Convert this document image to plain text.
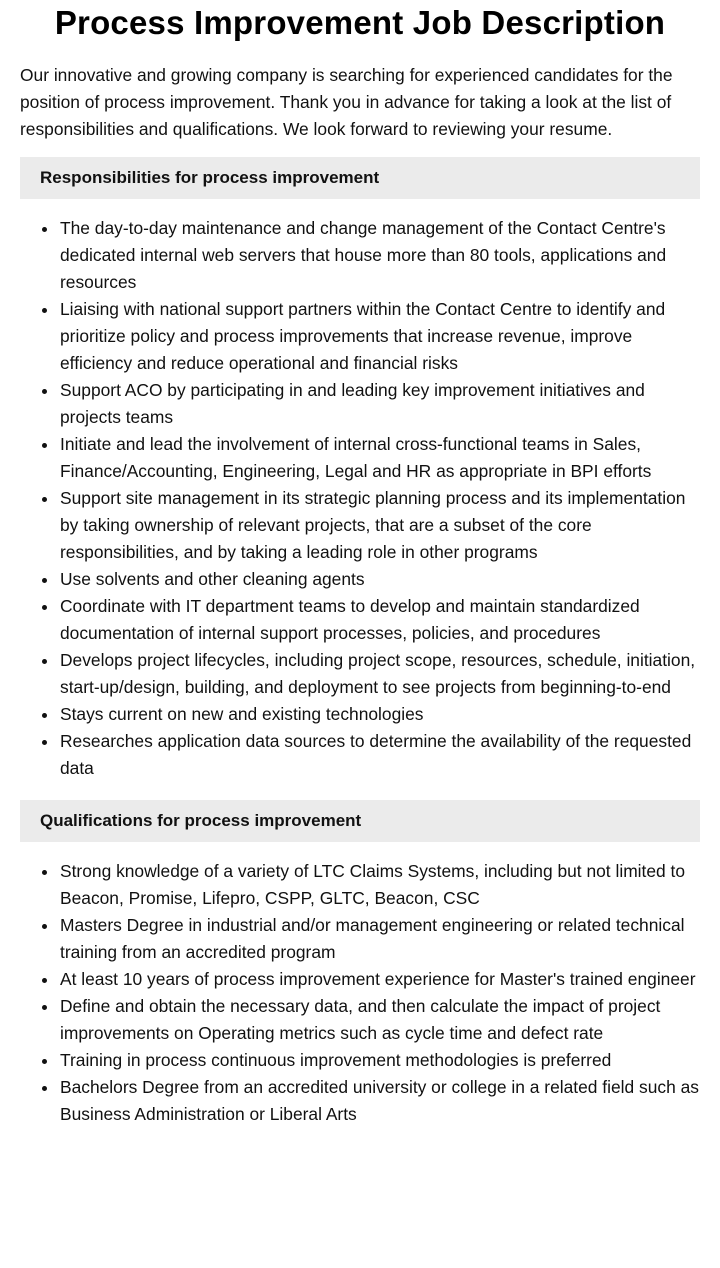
Process Improvement Job Description

Our innovative and growing company is searching for experienced candidates for the position of process improvement. Thank you in advance for taking a look at the list of responsibilities and qualifications. We look forward to reviewing your resume.

Responsibilities for process improvement
The day-to-day maintenance and change management of the Contact Centre's dedicated internal web servers that house more than 80 tools, applications and resources
Liaising with national support partners within the Contact Centre to identify and prioritize policy and process improvements that increase revenue, improve efficiency and reduce operational and financial risks
Support ACO by participating in and leading key improvement initiatives and projects teams
Initiate and lead the involvement of internal cross-functional teams in Sales, Finance/Accounting, Engineering, Legal and HR as appropriate in BPI efforts
Support site management in its strategic planning process and its implementation by taking ownership of relevant projects, that are a subset of the core responsibilities, and by taking a leading role in other programs
Use solvents and other cleaning agents
Coordinate with IT department teams to develop and maintain standardized documentation of internal support processes, policies, and procedures
Develops project lifecycles, including project scope, resources, schedule, initiation, start-up/design, building, and deployment to see projects from beginning-to-end
Stays current on new and existing technologies
Researches application data sources to determine the availability of the requested data
Qualifications for process improvement
Strong knowledge of a variety of LTC Claims Systems, including but not limited to Beacon, Promise, Lifepro, CSPP, GLTC, Beacon, CSC
Masters Degree in industrial and/or management engineering or related technical training from an accredited program
At least 10 years of process improvement experience for Master's trained engineer
Define and obtain the necessary data, and then calculate the impact of project improvements on Operating metrics such as cycle time and defect rate
Training in process continuous improvement methodologies is preferred
Bachelors Degree from an accredited university or college in a related field such as Business Administration or Liberal Arts
